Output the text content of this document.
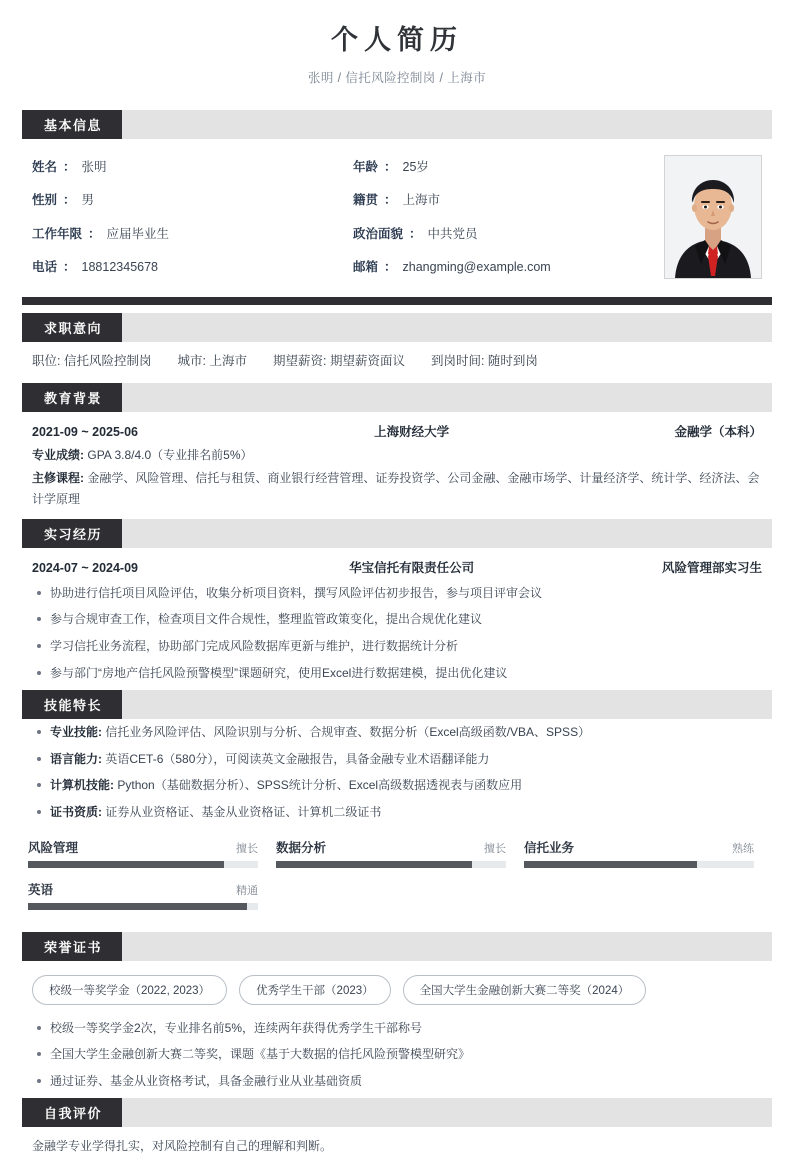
个人简历
张明 / 信托风险控制岗 / 上海市
基本信息
姓名 ： 张明	年龄 ： 25岁
性别 ： 男	籍贯 ： 上海市
工作年限 ： 应届毕业生	政治面貌 ： 中共党员
电话 ： 18812345678	邮箱 ： zhangming@example.com
求职意向
职位: 信托风险控制岗 城市: 上海市 期望薪资: 期望薪资面议 到岗时间: 随时到岗
教育背景
2021-09 ~ 2025-06	上海财经大学	金融学（本科）
专业成绩: GPA 3.8/4.0（专业排名前5%）
主修课程: 金融学、风险管理、信托与租赁、商业银行经营管理、证券投资学、公司金融、金融市场学、计量经济学、统计学、经济法、会计学原理
实习经历
2024-07 ~ 2024-09	华宝信托有限责任公司	风险管理部实习生
协助进行信托项目风险评估，收集分析项目资料，撰写风险评估初步报告，参与项目评审会议
参与合规审查工作，检查项目文件合规性，整理监管政策变化，提出合规优化建议
学习信托业务流程，协助部门完成风险数据库更新与维护，进行数据统计分析
参与部门“房地产信托风险预警模型”课题研究，使用Excel进行数据建模，提出优化建议
技能特长
专业技能: 信托业务风险评估、风险识别与分析、合规审查、数据分析（Excel高级函数/VBA、SPSS）
语言能力: 英语CET-6（580分），可阅读英文金融报告，具备金融专业术语翻译能力
计算机技能: Python（基础数据分析）、SPSS统计分析、Excel高级数据透视表与函数应用
证书资质: 证券从业资格证、基金从业资格证、计算机二级证书
风险管理	擅长 数据分析	擅长 信托业务	熟练
英语	精通
荣誉证书
校级一等奖学金（2022, 2023）	优秀学生干部（2023）	全国大学生金融创新大赛二等奖（2024）
校级一等奖学金2次，专业排名前5%，连续两年获得优秀学生干部称号
全国大学生金融创新大赛二等奖，课题《基于大数据的信托风险预警模型研究》
通过证券、基金从业资格考试，具备金融行业从业基础资质
自我评价
金融学专业学得扎实，对风险控制有自己的理解和判断。
